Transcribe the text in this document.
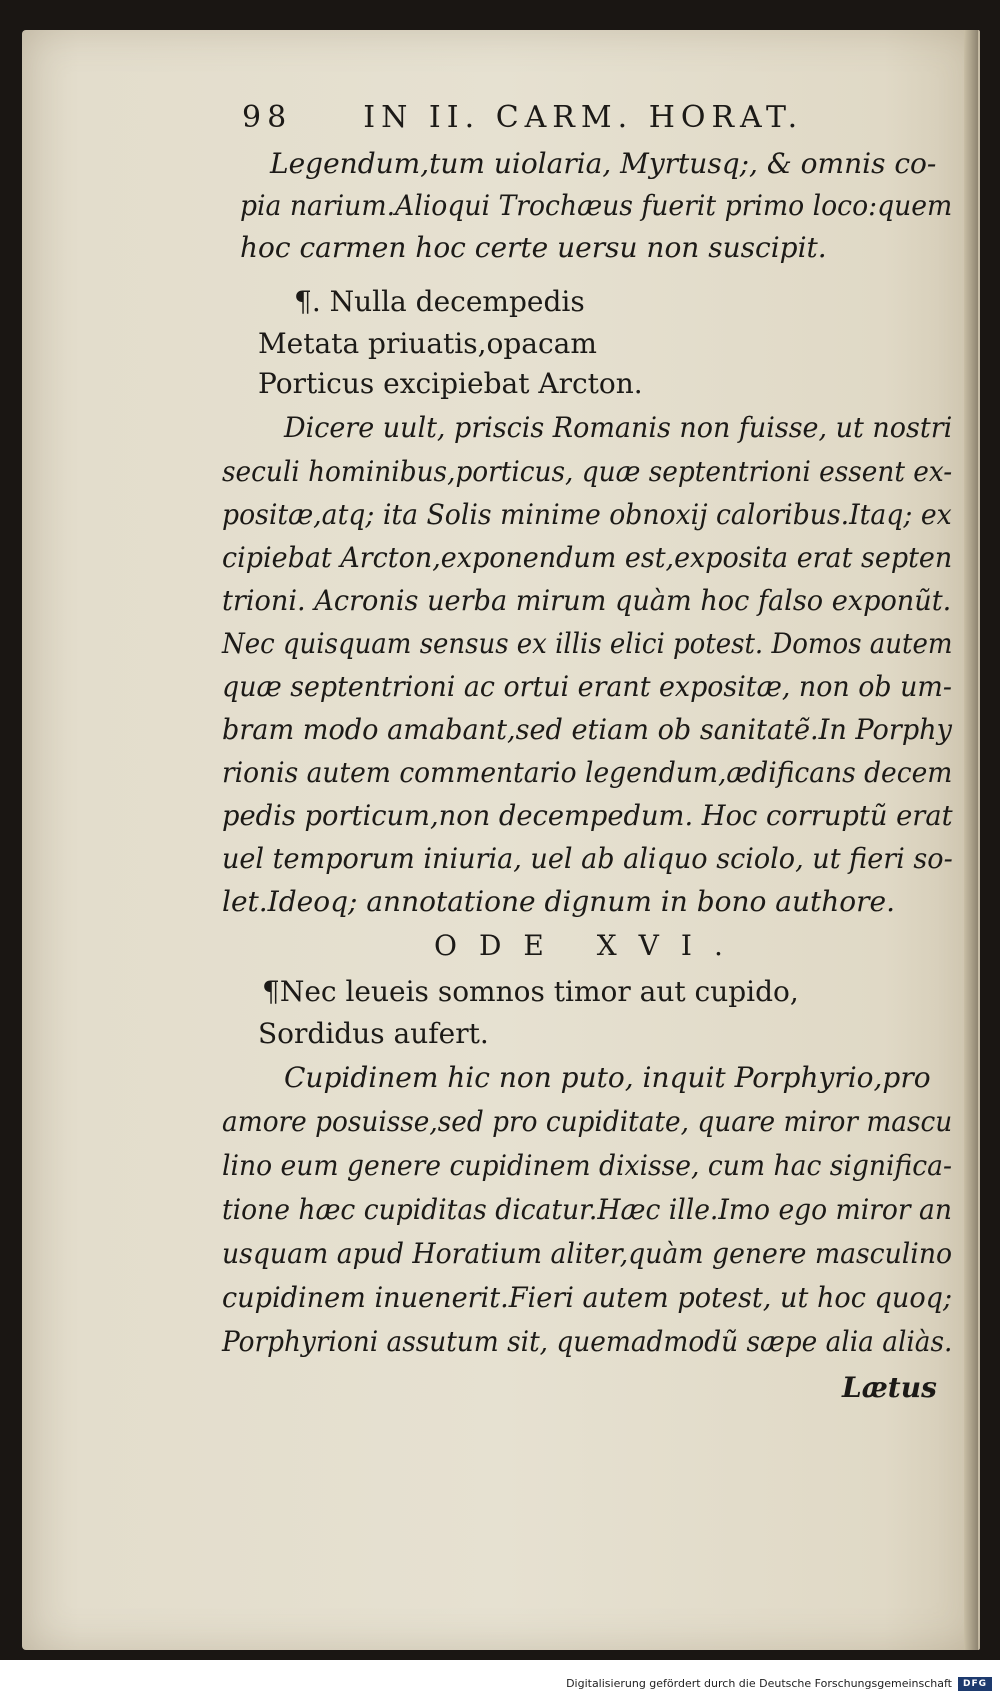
98 IN II. CARM. HORAT.
Legendum,tum uiolaria, Myrtusq;, & omnis co-
pia narium.Alioqui Trochæus fuerit primo loco:quem
hoc carmen hoc certe uersu non suscipit.
¶. Nulla decempedis
Metata priuatis,opacam
Porticus excipiebat Arcton.
Dicere uult, priscis Romanis non fuisse, ut nostri
seculi hominibus,porticus, quæ septentrioni essent ex-
positæ,atq; ita Solis minime obnoxij caloribus.Itaq; ex
cipiebat Arcton,exponendum est,exposita erat septen
trioni. Acronis uerba mirum quàm hoc falso exponũt.
Nec quisquam sensus ex illis elici potest. Domos autem
quæ septentrioni ac ortui erant expositæ, non ob um-
bram modo amabant,sed etiam ob sanitatẽ.In Porphy
rionis autem commentario legendum,ædificans decem
pedis porticum,non decempedum. Hoc corruptũ erat
uel temporum iniuria, uel ab aliquo sciolo, ut fieri so-
let.Ideoq; annotatione dignum in bono authore.
ODE XVI.
¶Nec leueis somnos timor aut cupido,
Sordidus aufert.
Cupidinem hic non puto, inquit Porphyrio,pro
amore posuisse,sed pro cupiditate, quare miror mascu
lino eum genere cupidinem dixisse, cum hac significa-
tione hæc cupiditas dicatur.Hæc ille.Imo ego miror an
usquam apud Horatium aliter,quàm genere masculino
cupidinem inuenerit.Fieri autem potest, ut hoc quoq;
Porphyrioni assutum sit, quemadmodũ sæpe alia aliàs.
Lætus
Digitalisierung gefördert durch die Deutsche Forschungsgemeinschaft	DFG
